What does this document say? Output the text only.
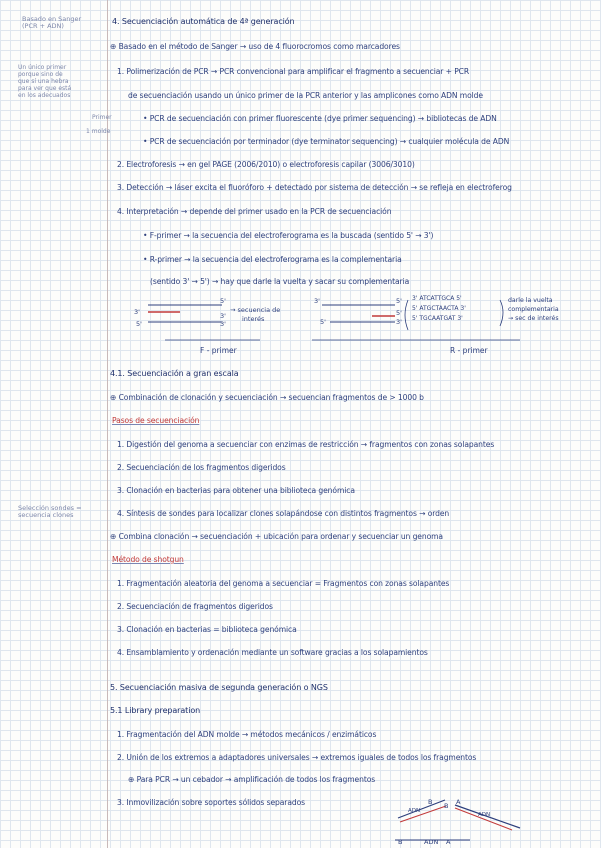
Basado en Sanger
(PCR + ADN)
Un único primer
porque sino de
que sí una hebra
para ver que está
en los adecuados
Primer
1 molde
Selección sondes =
secuencia clones
4. Secuenciación automática de 4ª generación
⊕ Basado en el método de Sanger → uso de 4 fluorocromos como marcadores
1. Polimerización de PCR → PCR convencional para amplificar el fragmento a secuenciar + PCR
de secuenciación usando un único primer de la PCR anterior y las amplicones como ADN molde
• PCR de secuenciación con primer fluorescente (dye primer sequencing) → bibliotecas de ADN
• PCR de secuenciación por terminador (dye terminator sequencing) → cualquier molécula de ADN
2. Electroforesis → en gel PAGE (2006/2010) o electroforesis capilar (3006/3010)
3. Detección → láser excita el fluoróforo + detectado por sistema de detección → se refleja en electroferog
4. Interpretación → depende del primer usado en la PCR de secuenciación
• F-primer → la secuencia del electroferograma es la buscada (sentido 5' → 3')
• R-primer → la secuencia del electroferograma es la complementaria
(sentido 3' → 5') → hay que darle la vuelta y sacar su complementaria
5'
3'	3'
5'	3'
→ secuencia de
interés
F - primer
3'	5'
5'
5'	3'
3' ATCATTGCA 5'
5' ATGCTAACTA 3'
5' TGCAATGAT 3'
darle la vuelta
complementaria
→ sec de interés
R - primer
4.1. Secuenciación a gran escala
⊕ Combinación de clonación y secuenciación → secuencian fragmentos de > 1000 b
Pasos de secuenciación
1. Digestión del genoma a secuenciar con enzimas de restricción → fragmentos con zonas solapantes
2. Secuenciación de los fragmentos digeridos
3. Clonación en bacterias para obtener una biblioteca genómica
4. Síntesis de sondes para localizar clones solapándose con distintos fragmentos → orden
⊕ Combina clonación → secuenciación + ubicación para ordenar y secuenciar un genoma
Método de shotgun
1. Fragmentación aleatoria del genoma a secuenciar = Fragmentos con zonas solapantes
2. Secuenciación de fragmentos digeridos
3. Clonación en bacterias = biblioteca genómica
4. Ensamblamiento y ordenación mediante un software gracias a los solapamientos
5. Secuenciación masiva de segunda generación o NGS
5.1 Library preparation
1. Fragmentación del ADN molde → métodos mecánicos / enzimáticos
2. Unión de los extremos a adaptadores universales → extremos iguales de todos los fragmentos
⊕ Para PCR → un cebador → amplificación de todos los fragmentos
3. Inmovilización sobre soportes sólidos separados	B
ADN
A
B
ADN
B	ADN A
